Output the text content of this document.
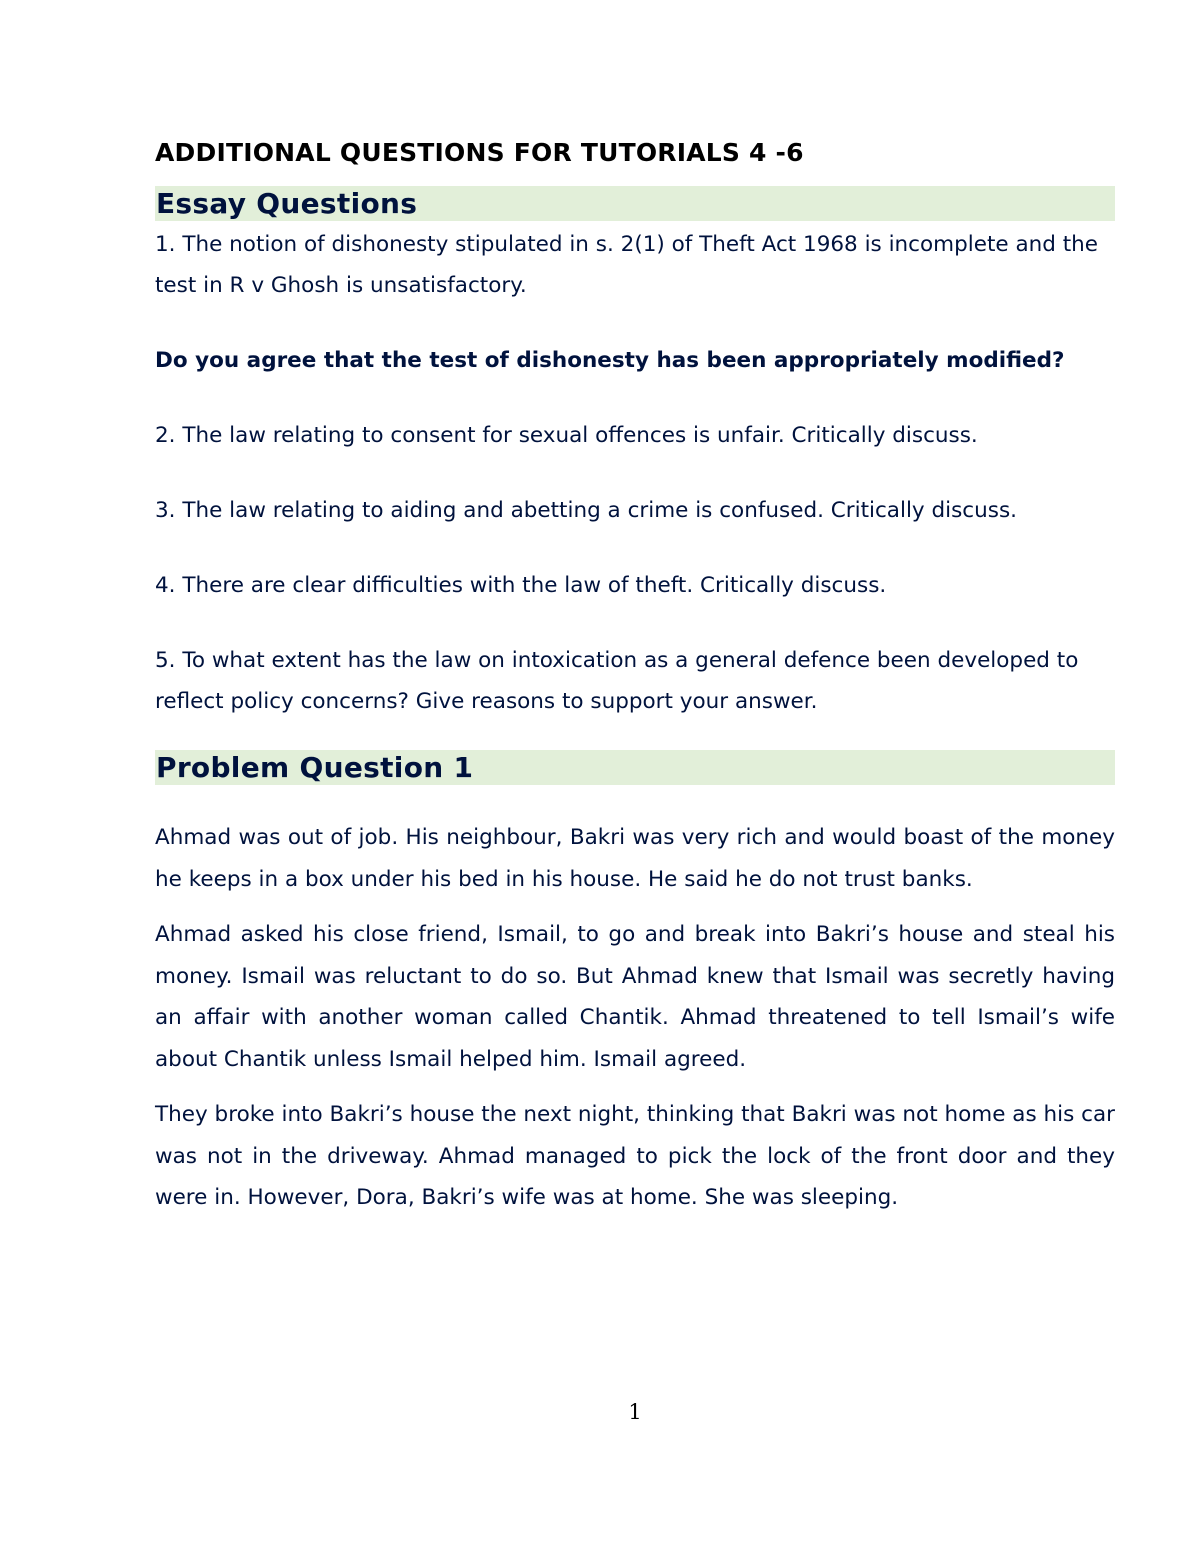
ADDITIONAL QUESTIONS FOR TUTORIALS 4 -6
Essay Questions

1. The notion of dishonesty stipulated in s. 2(1) of Theft Act 1968 is incomplete and the test in R v Ghosh is unsatisfactory.

Do you agree that the test of dishonesty has been appropriately modified?

2. The law relating to consent for sexual offences is unfair. Critically discuss.

3. The law relating to aiding and abetting a crime is confused. Critically discuss.

4. There are clear difficulties with the law of theft. Critically discuss.

5. To what extent has the law on intoxication as a general defence been developed to reflect policy concerns? Give reasons to support your answer.

Problem Question 1

Ahmad was out of job. His neighbour, Bakri was very rich and would boast of the money he keeps in a box under his bed in his house. He said he do not trust banks.

Ahmad asked his close friend, Ismail, to go and break into Bakri’s house and steal his money. Ismail was reluctant to do so. But Ahmad knew that Ismail was secretly having an affair with another woman called Chantik. Ahmad threatened to tell Ismail’s wife about Chantik unless Ismail helped him. Ismail agreed.

They broke into Bakri’s house the next night, thinking that Bakri was not home as his car was not in the driveway. Ahmad managed to pick the lock of the front door and they were in. However, Dora, Bakri’s wife was at home. She was sleeping.

1
